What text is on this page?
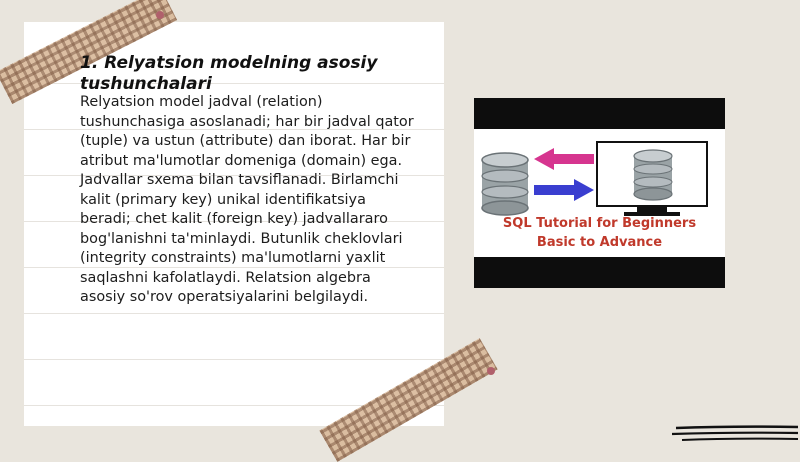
1. Relyatsion modelning asosiy tushunchalari
Relyatsion model jadval (relation) tushunchasiga asoslanadi; har bir jadval qator (tuple) va ustun (attribute) dan iborat. Har bir atribut ma'lumotlar domeniga (domain) ega. Jadvallar sxema bilan tavsiflanadi. Birlamchi kalit (primary key) unikal identifikatsiya beradi; chet kalit (foreign key) jadvallararo bog'lanishni ta'minlaydi. Butunlik cheklovlari (integrity constraints) ma'lumotlarni yaxlit saqlashni kafolatlaydi. Relatsion algebra asosiy so'rov operatsiyalarini belgilaydi.
SQL Tutorial for Beginners
Basic to Advance
